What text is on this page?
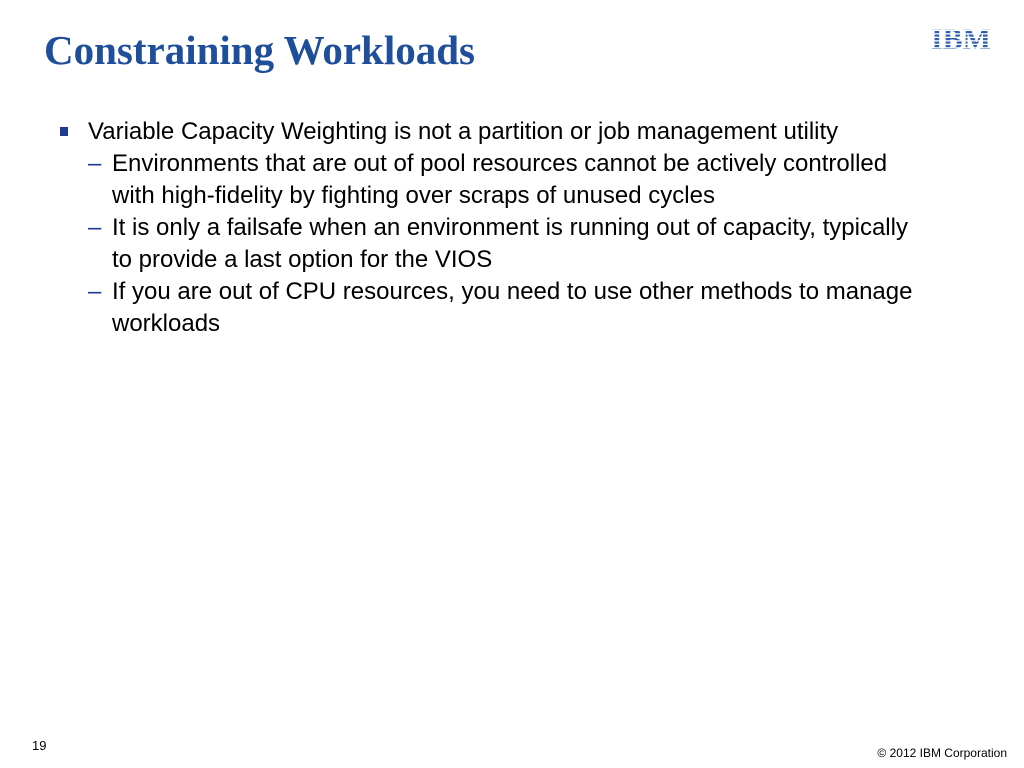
Constraining Workloads	IBM

Variable Capacity Weighting is not a partition or job management utility

– Environments that are out of pool resources cannot be actively controlled with high-fidelity by fighting over scraps of unused cycles

– It is only a failsafe when an environment is running out of capacity, typically to provide a last option for the VIOS

– If you are out of CPU resources, you need to use other methods to manage workloads

19	© 2012 IBM Corporation
